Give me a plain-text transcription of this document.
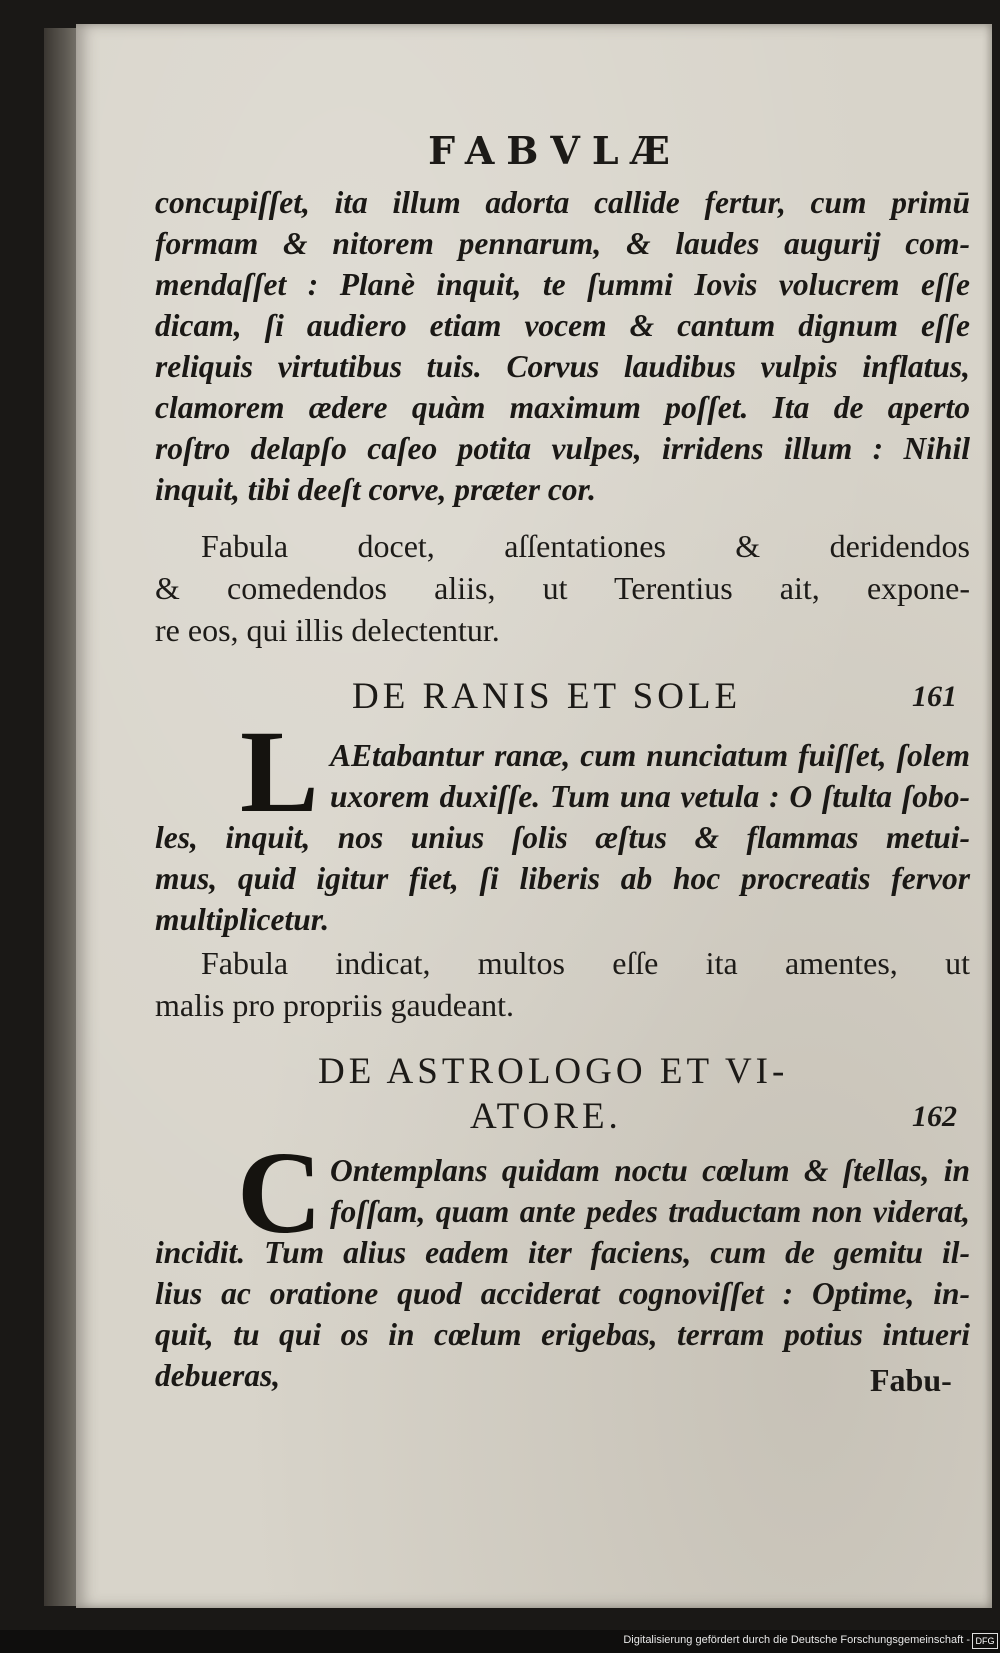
FABVLÆ
concupiſſet, ita illum adorta callide fertur, cum primū
formam & nitorem pennarum, & laudes augurij com-
mendaſſet : Planè inquit, te ſummi Iovis volucrem eſſe
dicam, ſi audiero etiam vocem & cantum dignum eſſe
reliquis virtutibus tuis. Corvus laudibus vulpis inflatus,
clamorem ædere quàm maximum poſſet. Ita de aperto
roſtro delapſo caſeo potita vulpes, irridens illum : Nihil
inquit, tibi deeſt corve, præter cor.
Fabula docet, aſſentationes & deridendos
& comedendos aliis, ut Terentius ait, expone-
re eos, qui illis delectentur.
DE RANIS ET SOLE	161
L AEtabantur ranæ, cum nunciatum fuiſſet, ſolem
uxorem duxiſſe. Tum una vetula : O ſtulta ſobo-
les, inquit, nos unius ſolis æſtus & flammas metui-
mus, quid igitur fiet, ſi liberis ab hoc procreatis fervor
multiplicetur.
Fabula indicat, multos eſſe ita amentes, ut
malis pro propriis gaudeant.
DE ASTROLOGO ET VI-
ATORE.	162
C Ontemplans quidam noctu cœlum & ſtellas, in
foſſam, quam ante pedes traductam non viderat,
incidit. Tum alius eadem iter faciens, cum de gemitu il-
lius ac oratione quod acciderat cognoviſſet : Optime, in-
quit, tu qui os in cœlum erigebas, terram potius intueri
debueras,	Fabu-
Digitalisierung gefördert durch die Deutsche Forschungsgemeinschaft - DFG
